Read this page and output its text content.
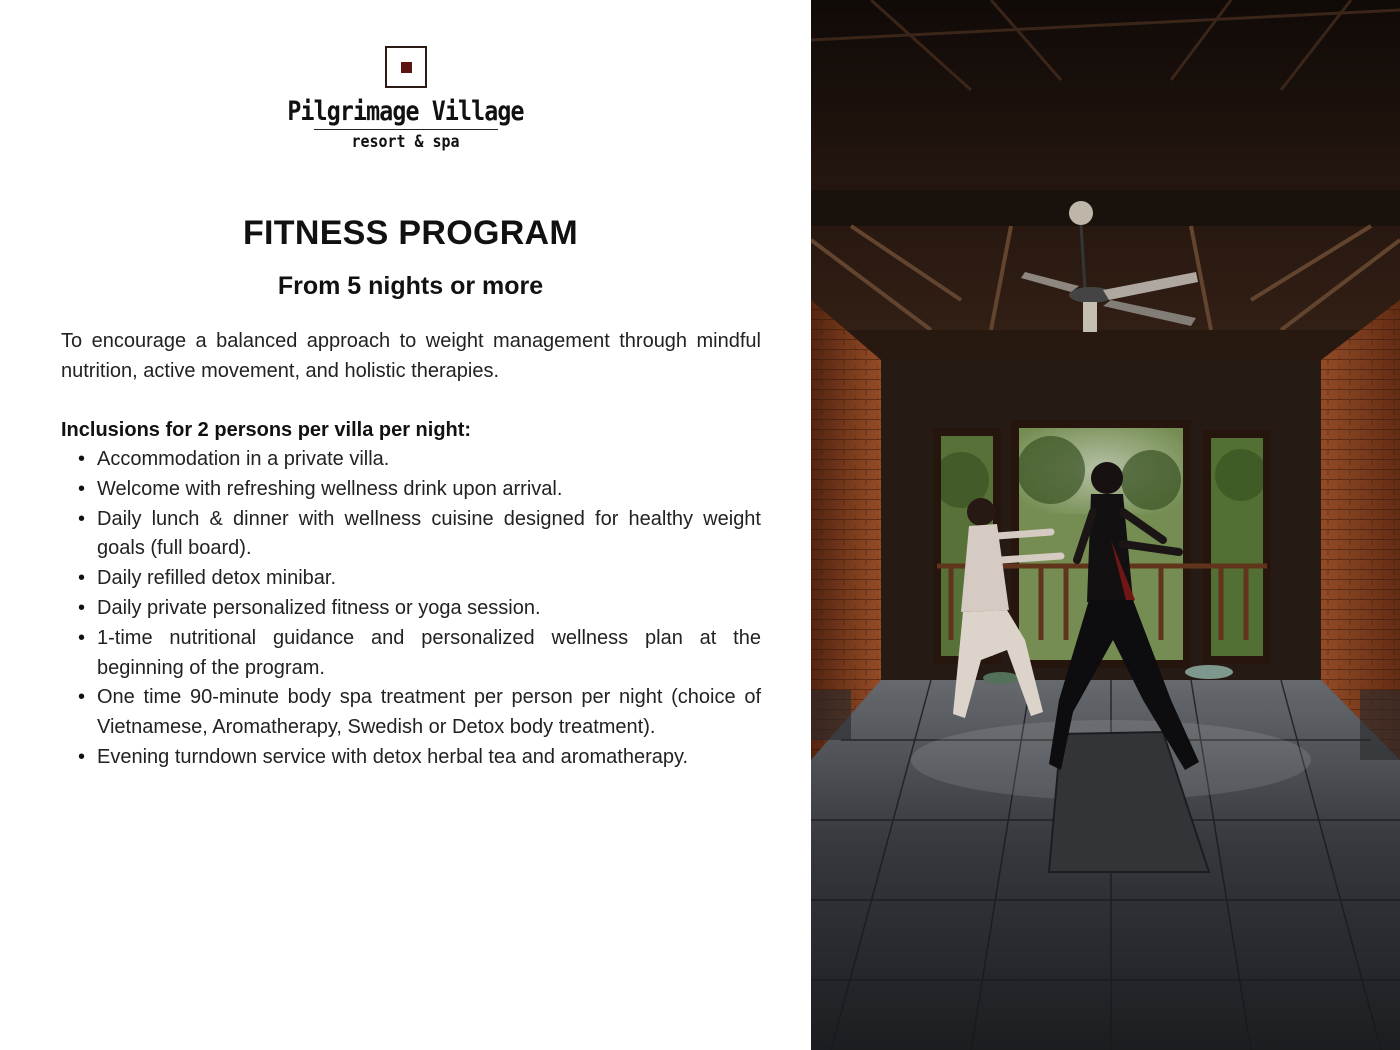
Pilgrimage Village
resort & spa
FITNESS PROGRAM
From 5 nights or more
To encourage a balanced approach to weight management through mindful nutrition, active movement, and holistic therapies.
Inclusions for 2 persons per villa per night:
• Accommodation in a private villa.
• Welcome with refreshing wellness drink upon arrival.
• Daily lunch & dinner with wellness cuisine designed for healthy weight goals (full board).
• Daily refilled detox minibar.
• Daily private personalized fitness or yoga session.
• 1-time nutritional guidance and personalized wellness plan at the beginning of the program.
• One time 90-minute body spa treatment per person per night (choice of Vietnamese, Aromatherapy, Swedish or Detox body treatment).
• Evening turndown service with detox herbal tea and aromatherapy.
